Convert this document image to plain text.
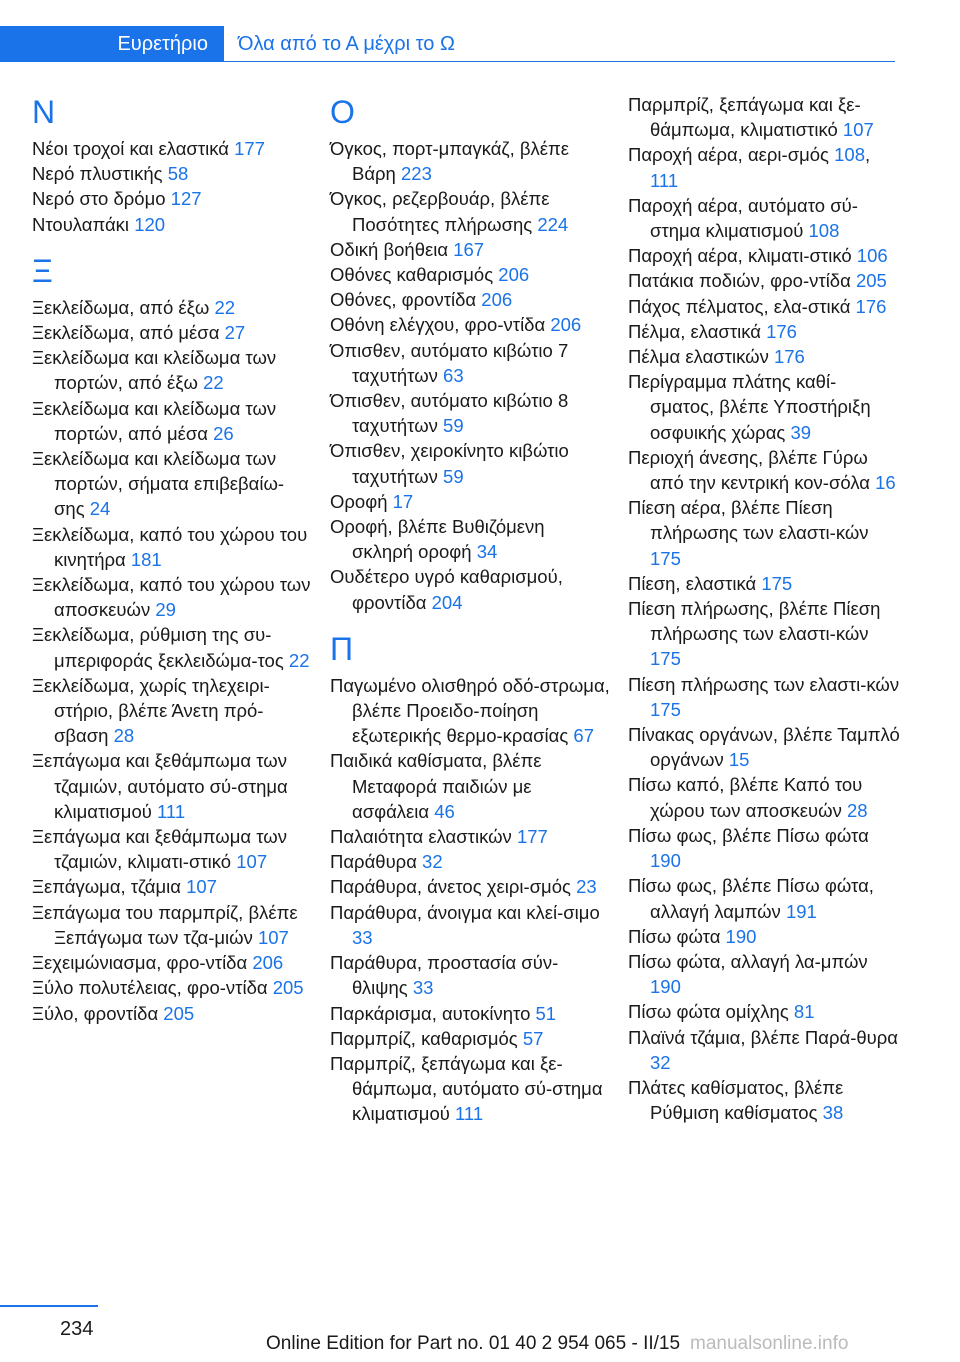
Ευρετήριο	Όλα από το Α μέχρι το Ω
Ν
Νέοι τροχοί και ελαστικά 177
Νερό πλυστικής 58
Νερό στο δρόμο 127
Ντουλαπάκι 120
Ξ
Ξεκλείδωμα, από έξω 22
Ξεκλείδωμα, από μέσα 27
Ξεκλείδωμα και κλείδωμα των πορτών, από έξω 22
Ξεκλείδωμα και κλείδωμα των πορτών, από μέσα 26
Ξεκλείδωμα και κλείδωμα των πορτών, σήματα επιβεβαίω-σης 24
Ξεκλείδωμα, καπό του χώρου του κινητήρα 181
Ξεκλείδωμα, καπό του χώρου των αποσκευών 29
Ξεκλείδωμα, ρύθμιση της συ-μπεριφοράς ξεκλειδώμα-τος 22
Ξεκλείδωμα, χωρίς τηλεχειρι-στήριο, βλέπε Άνετη πρό-σβαση 28
Ξεπάγωμα και ξεθάμπωμα των τζαμιών, αυτόματο σύ-στημα κλιματισμού 111
Ξεπάγωμα και ξεθάμπωμα των τζαμιών, κλιματι-στικό 107
Ξεπάγωμα, τζάμια 107
Ξεπάγωμα του παρμπρίζ, βλέπε Ξεπάγωμα των τζα-μιών 107
Ξεχειμώνιασμα, φρο-ντίδα 206
Ξύλο πολυτέλειας, φρο-ντίδα 205
Ξύλο, φροντίδα 205
Ο
Όγκος, πορτ-μπαγκάζ, βλέπε Βάρη 223
Όγκος, ρεζερβουάρ, βλέπε Ποσότητες πλήρωσης 224
Οδική βοήθεια 167
Οθόνες καθαρισμός 206
Οθόνες, φροντίδα 206
Οθόνη ελέγχου, φρο-ντίδα 206
Όπισθεν, αυτόματο κιβώτιο 7 ταχυτήτων 63
Όπισθεν, αυτόματο κιβώτιο 8 ταχυτήτων 59
Όπισθεν, χειροκίνητο κιβώτιο ταχυτήτων 59
Οροφή 17
Οροφή, βλέπε Βυθιζόμενη σκληρή οροφή 34
Ουδέτερο υγρό καθαρισμού, φροντίδα 204
Π
Παγωμένο ολισθηρό οδό-στρωμα, βλέπε Προειδο-ποίηση εξωτερικής θερμο-κρασίας 67
Παιδικά καθίσματα, βλέπε Μεταφορά παιδιών με ασφάλεια 46
Παλαιότητα ελαστικών 177
Παράθυρα 32
Παράθυρα, άνετος χειρι-σμός 23
Παράθυρα, άνοιγμα και κλεί-σιμο 33
Παράθυρα, προστασία σύν-θλιψης 33
Παρκάρισμα, αυτοκίνητο 51
Παρμπρίζ, καθαρισμός 57
Παρμπρίζ, ξεπάγωμα και ξε-θάμπωμα, αυτόματο σύ-στημα κλιματισμού 111
Παρμπρίζ, ξεπάγωμα και ξε-θάμπωμα, κλιματιστικό 107
Παροχή αέρα, αερι-σμός 108, 111
Παροχή αέρα, αυτόματο σύ-στημα κλιματισμού 108
Παροχή αέρα, κλιματι-στικό 106
Πατάκια ποδιών, φρο-ντίδα 205
Πάχος πέλματος, ελα-στικά 176
Πέλμα, ελαστικά 176
Πέλμα ελαστικών 176
Περίγραμμα πλάτης καθί-σματος, βλέπε Υποστήριξη οσφυικής χώρας 39
Περιοχή άνεσης, βλέπε Γύρω από την κεντρική κον-σόλα 16
Πίεση αέρα, βλέπε Πίεση πλήρωσης των ελαστι-κών 175
Πίεση, ελαστικά 175
Πίεση πλήρωσης, βλέπε Πίεση πλήρωσης των ελαστι-κών 175
Πίεση πλήρωσης των ελαστι-κών 175
Πίνακας οργάνων, βλέπε Ταμπλό οργάνων 15
Πίσω καπό, βλέπε Καπό του χώρου των αποσκευών 28
Πίσω φως, βλέπε Πίσω φώτα 190
Πίσω φως, βλέπε Πίσω φώτα, αλλαγή λαμπών 191
Πίσω φώτα 190
Πίσω φώτα, αλλαγή λα-μπών 190
Πίσω φώτα ομίχλης 81
Πλαϊνά τζάμια, βλέπε Παρά-θυρα 32
Πλάτες καθίσματος, βλέπε Ρύθμιση καθίσματος 38
234
Online Edition for Part no. 01 40 2 954 065 - II/15 manualsonline.info
